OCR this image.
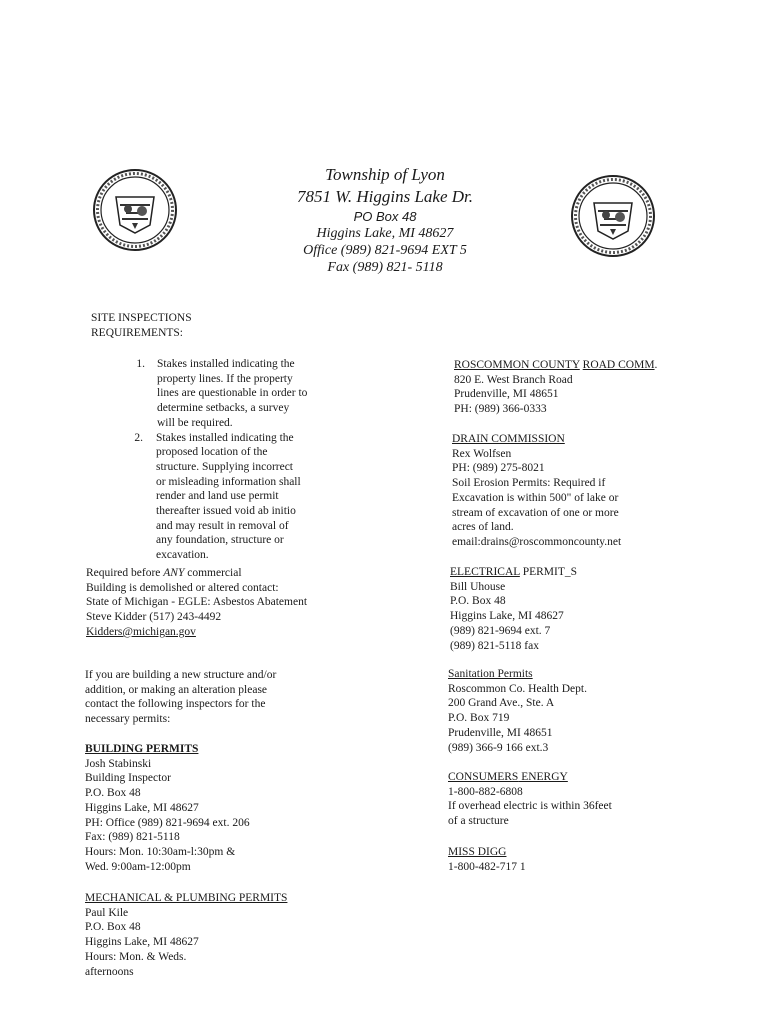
Township of Lyon
7851 W. Higgins Lake Dr.
PO Box 48
Higgins Lake, MI 48627
Office (989) 821-9694 EXT 5
Fax (989) 821- 5118
SITE INSPECTIONS
REQUIREMENTS:
1. Stakes installed indicating the
property lines. If the property
lines are questionable in order to
determine setbacks, a survey
will be required.
2. Stakes installed indicating the
proposed location of the
structure. Supplying incorrect
or misleading information shall
render and land use permit
thereafter issued void ab initio
and may result in removal of
any foundation, structure or
excavation.
Required before ANY commercial
Building is demolished or altered contact:
State of Michigan - EGLE: Asbestos Abatement
Steve Kidder (517) 243-4492
Kidders@michigan.gov
If you are building a new structure and/or
addition, or making an alteration please
contact the following inspectors for the
necessary permits:
BUILDING PERMITS
Josh Stabinski
Building Inspector
P.O. Box 48
Higgins Lake, MI 48627
PH: Office (989) 821-9694 ext. 206
Fax: (989) 821-5118
Hours: Mon. 10:30am-l:30pm &
Wed. 9:00am-12:00pm
MECHANICAL & PLUMBING PERMITS
Paul Kile
P.O. Box 48
Higgins Lake, MI 48627
Hours: Mon. & Weds.
afternoons
ROSCOMMON COUNTY ROAD COMM.
820 E. West Branch Road
Prudenville, MI 48651
PH: (989) 366-0333
DRAIN COMMISSION
Rex Wolfsen
PH: (989) 275-8021
Soil Erosion Permits: Required if
Excavation is within 500" of lake or
stream of excavation of one or more
acres of land.
email:drains@roscommoncounty.net
ELECTRICAL PERMIT_S
Bill Uhouse
P.O. Box 48
Higgins Lake, MI 48627
(989) 821-9694 ext. 7
(989) 821-5118 fax
Sanitation Permits
Roscommon Co. Health Dept.
200 Grand Ave., Ste. A
P.O. Box 719
Prudenville, MI 48651
(989) 366-9 166 ext.3
CONSUMERS ENERGY
1-800-882-6808
If overhead electric is within 36feet
of a structure
MISS DIGG
1-800-482-717 1
